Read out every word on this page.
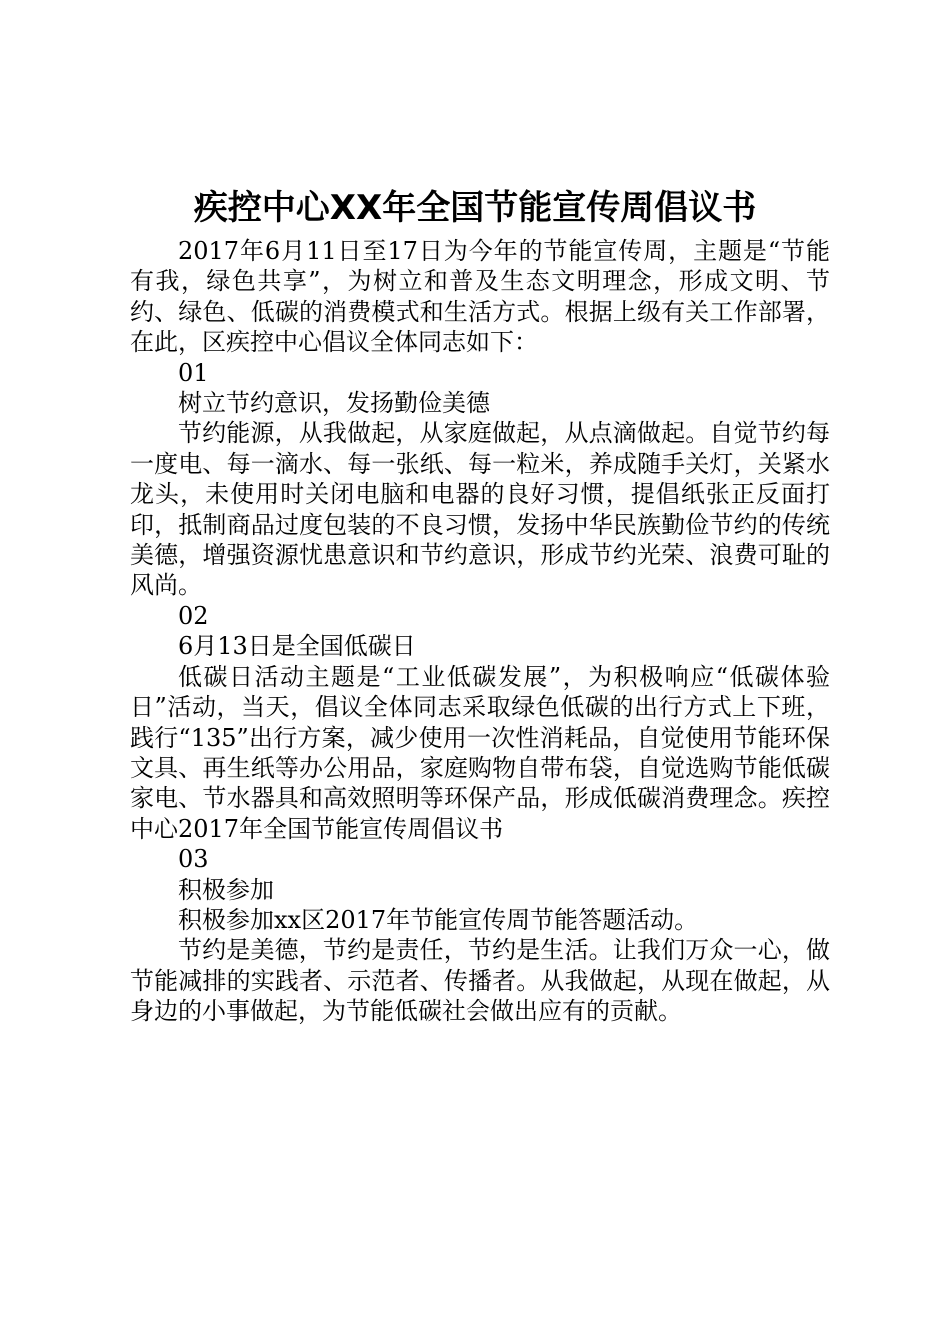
疾控中心XX年全国节能宣传周倡议书

2017年6月11日至17日为今年的节能宣传周，主题是“节能有我，绿色共享”，为树立和普及生态文明理念，形成文明、节约、绿色、低碳的消费模式和生活方式。根据上级有关工作部署，在此，区疾控中心倡议全体同志如下：

01

树立节约意识，发扬勤俭美德

节约能源，从我做起，从家庭做起，从点滴做起。自觉节约每一度电、每一滴水、每一张纸、每一粒米，养成随手关灯，关紧水龙头，未使用时关闭电脑和电器的良好习惯，提倡纸张正反面打印，抵制商品过度包装的不良习惯，发扬中华民族勤俭节约的传统美德，增强资源忧患意识和节约意识，形成节约光荣、浪费可耻的风尚。

02

6月13日是全国低碳日

低碳日活动主题是“工业低碳发展”，为积极响应“低碳体验日”活动，当天，倡议全体同志采取绿色低碳的出行方式上下班，践行“135”出行方案，减少使用一次性消耗品，自觉使用节能环保文具、再生纸等办公用品，家庭购物自带布袋，自觉选购节能低碳家电、节水器具和高效照明等环保产品，形成低碳消费理念。疾控中心2017年全国节能宣传周倡议书

03

积极参加

积极参加xx区2017年节能宣传周节能答题活动。

节约是美德，节约是责任，节约是生活。让我们万众一心，做节能减排的实践者、示范者、传播者。从我做起，从现在做起，从身边的小事做起，为节能低碳社会做出应有的贡献。
